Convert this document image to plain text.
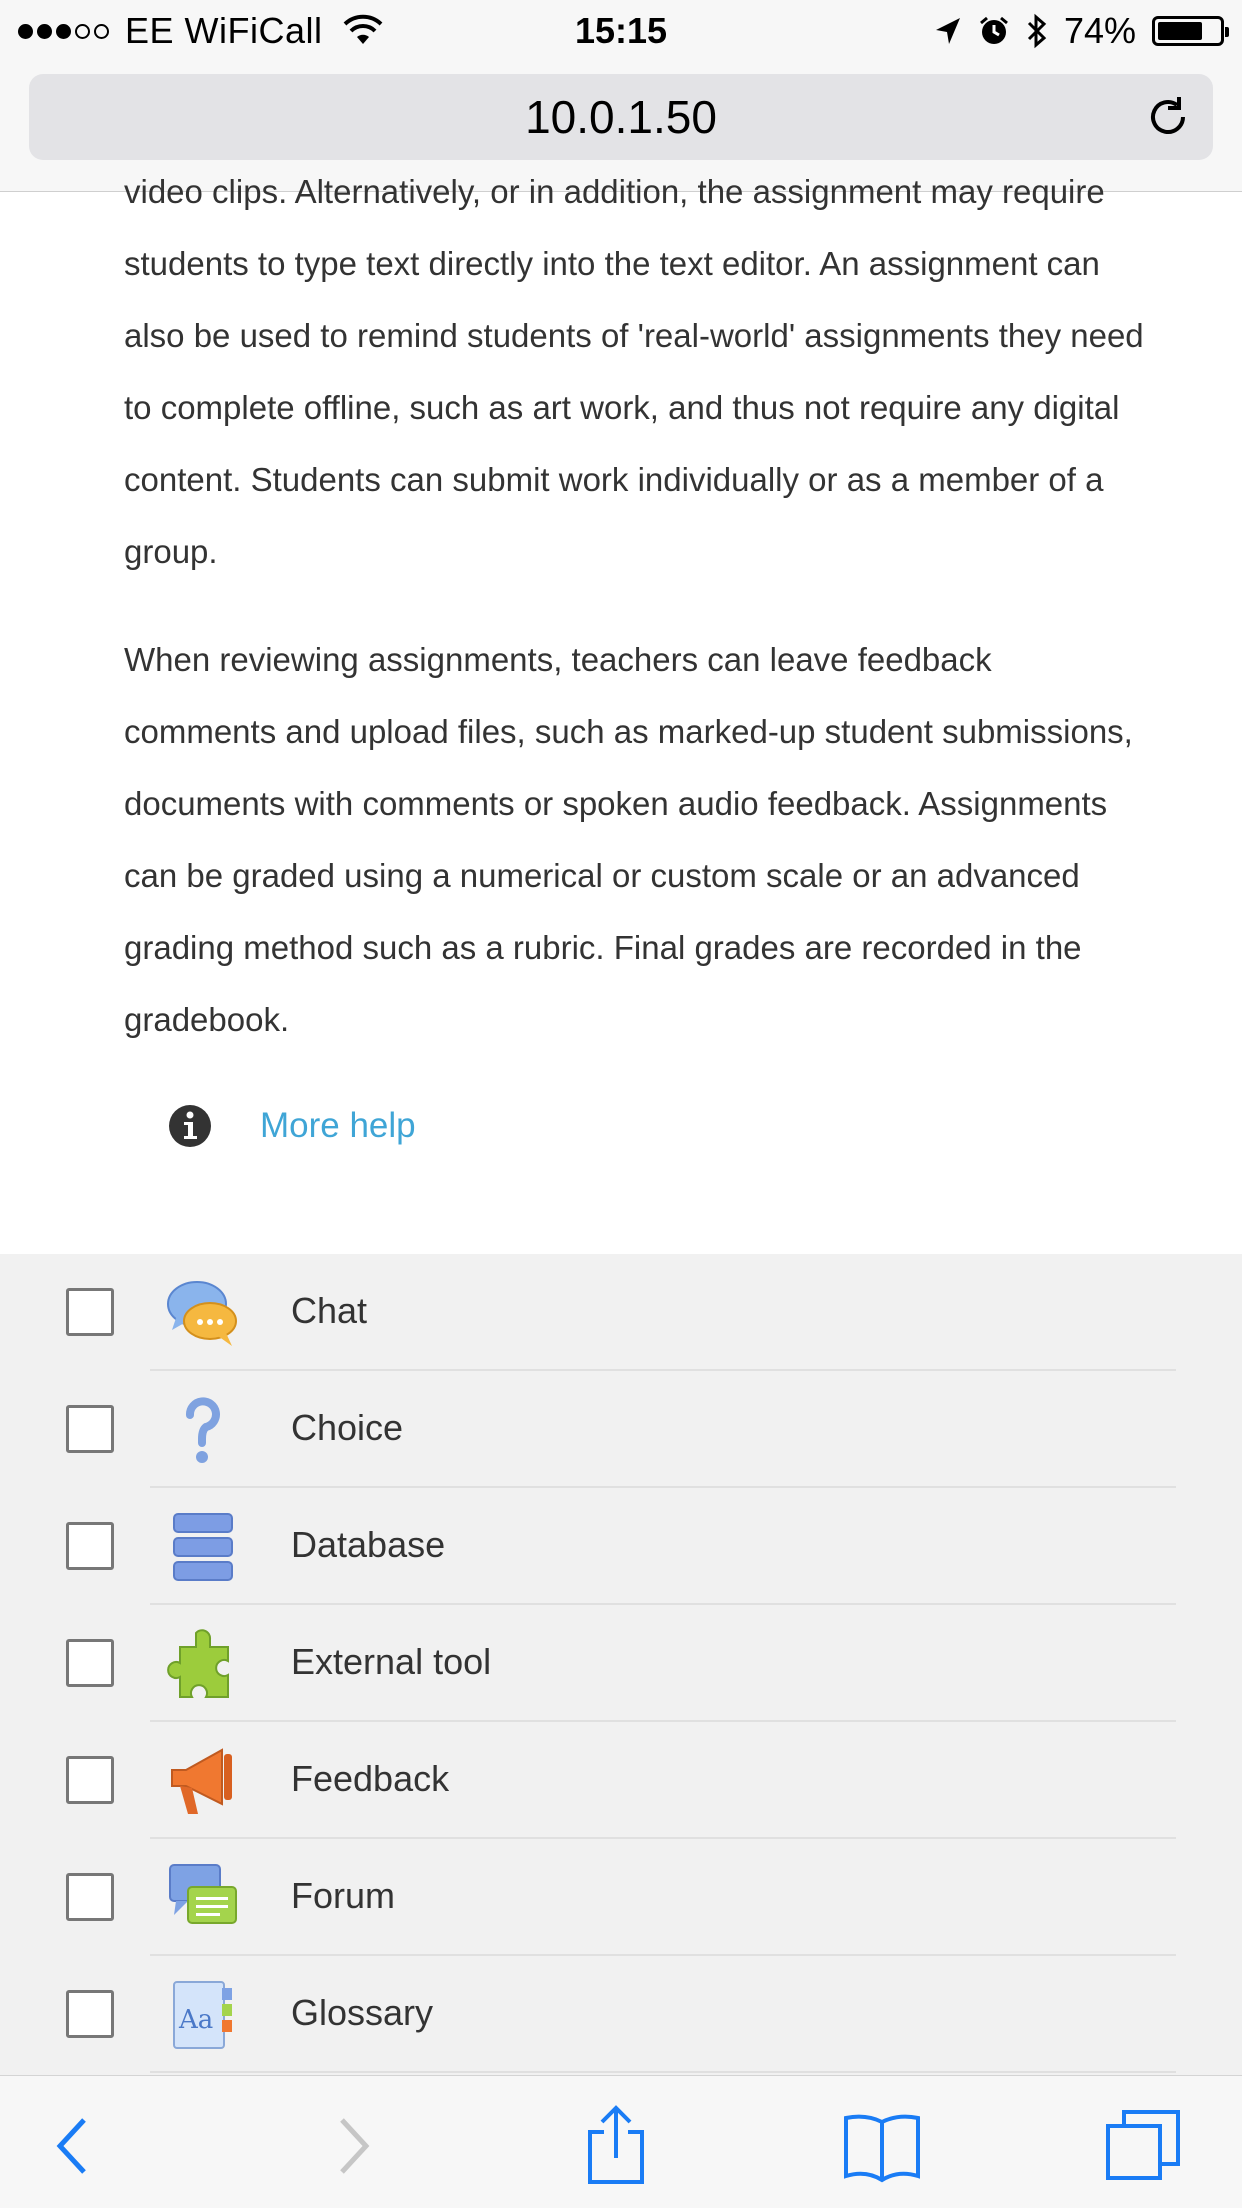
EE WiFiCall	15:15	74%
10.0.1.50

video clips. Alternatively, or in addition, the assignment may require students to type text directly into the text editor. An assignment can also be used to remind students of 'real-world' assignments they need to complete offline, such as art work, and thus not require any digital content. Students can submit work individually or as a member of a group.

When reviewing assignments, teachers can leave feedback comments and upload files, such as marked-up student submissions, documents with comments or spoken audio feedback. Assignments can be graded using a numerical or custom scale or an advanced grading method such as a rubric. Final grades are recorded in the gradebook.

More help
Chat
Choice
Database
External tool
Feedback
Forum
Aa Glossary
